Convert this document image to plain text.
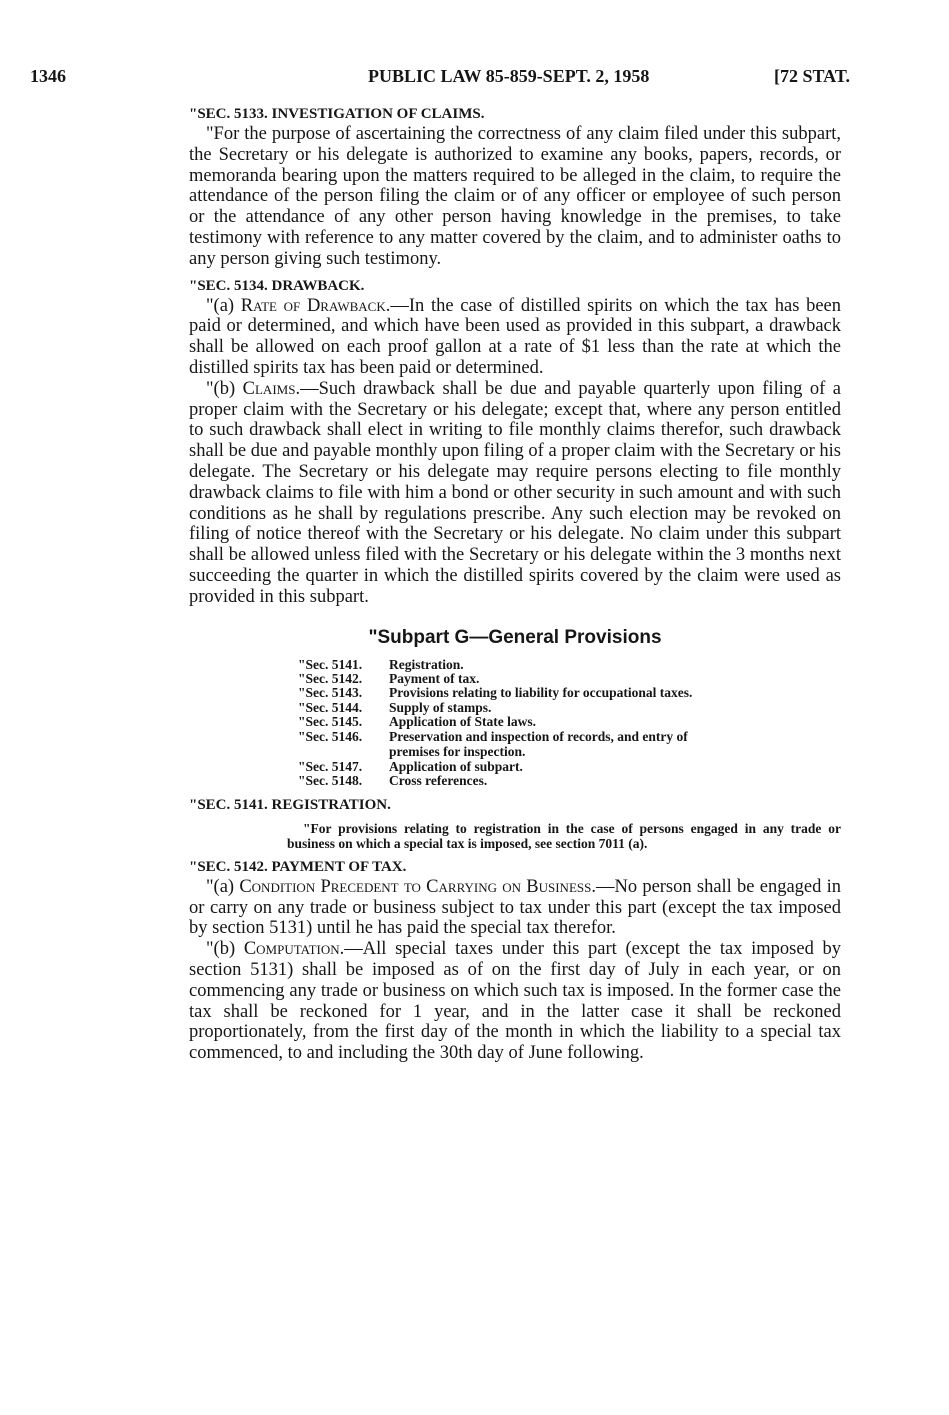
1346	PUBLIC LAW 85-859-SEPT. 2, 1958	[72 STAT.

"SEC. 5133. INVESTIGATION OF CLAIMS.

"For the purpose of ascertaining the correctness of any claim filed under this subpart, the Secretary or his delegate is authorized to examine any books, papers, records, or memoranda bearing upon the matters required to be alleged in the claim, to require the attendance of the person filing the claim or of any officer or employee of such person or the attendance of any other person having knowledge in the premises, to take testimony with reference to any matter covered by the claim, and to administer oaths to any person giving such testimony.

"SEC. 5134. DRAWBACK.

"(a) Rate of Drawback.—In the case of distilled spirits on which the tax has been paid or determined, and which have been used as provided in this subpart, a drawback shall be allowed on each proof gallon at a rate of $1 less than the rate at which the distilled spirits tax has been paid or determined.

"(b) Claims.—Such drawback shall be due and payable quarterly upon filing of a proper claim with the Secretary or his delegate; except that, where any person entitled to such drawback shall elect in writing to file monthly claims therefor, such drawback shall be due and payable monthly upon filing of a proper claim with the Secretary or his delegate. The Secretary or his delegate may require persons electing to file monthly drawback claims to file with him a bond or other security in such amount and with such conditions as he shall by regulations prescribe. Any such election may be revoked on filing of notice thereof with the Secretary or his delegate. No claim under this subpart shall be allowed unless filed with the Secretary or his delegate within the 3 months next succeeding the quarter in which the distilled spirits covered by the claim were used as provided in this subpart.

"Subpart G—General Provisions
"Sec. 5141.	Registration.
"Sec. 5142.	Payment of tax.
"Sec. 5143.	Provisions relating to liability for occupational taxes.
"Sec. 5144.	Supply of stamps.
"Sec. 5145.	Application of State laws.
"Sec. 5146.	Preservation and inspection of records, and entry of
premises for inspection.
"Sec. 5147.	Application of subpart.
"Sec. 5148.	Cross references.

"SEC. 5141. REGISTRATION.

"For provisions relating to registration in the case of persons engaged in any trade or business on which a special tax is imposed, see section 7011 (a).

"SEC. 5142. PAYMENT OF TAX.

"(a) Condition Precedent to Carrying on Business.—No person shall be engaged in or carry on any trade or business subject to tax under this part (except the tax imposed by section 5131) until he has paid the special tax therefor.

"(b) Computation.—All special taxes under this part (except the tax imposed by section 5131) shall be imposed as of on the first day of July in each year, or on commencing any trade or business on which such tax is imposed. In the former case the tax shall be reckoned for 1 year, and in the latter case it shall be reckoned proportionately, from the first day of the month in which the liability to a special tax commenced, to and including the 30th day of June following.
